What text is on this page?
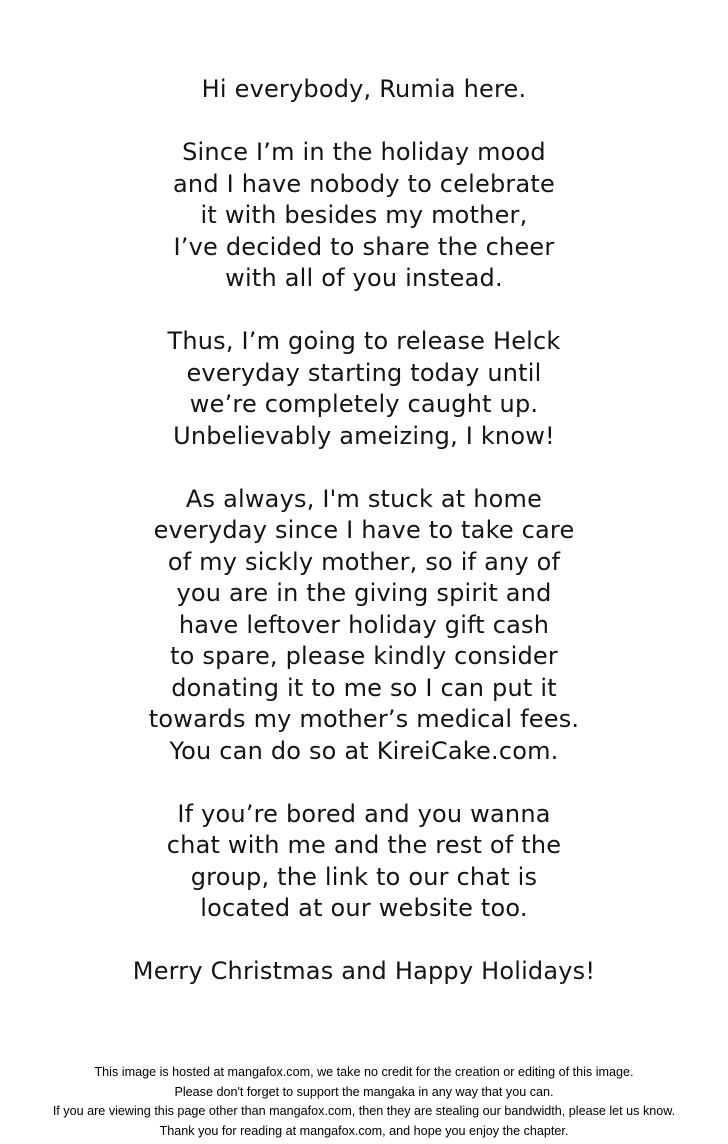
Hi everybody, Rumia here.
Since I’m in the holiday mood
and I have nobody to celebrate
it with besides my mother,
I’ve decided to share the cheer
with all of you instead.
Thus, I’m going to release Helck
everyday starting today until
we’re completely caught up.
Unbelievably ameizing, I know!
As always, I'm stuck at home
everyday since I have to take care
of my sickly mother, so if any of
you are in the giving spirit and
have leftover holiday gift cash
to spare, please kindly consider
donating it to me so I can put it
towards my mother’s medical fees.
You can do so at KireiCake.com.
If you’re bored and you wanna
chat with me and the rest of the
group, the link to our chat is
located at our website too.
Merry Christmas and Happy Holidays!
This image is hosted at mangafox.com, we take no credit for the creation or editing of this image.
Please don't forget to support the mangaka in any way that you can.
If you are viewing this page other than mangafox.com, then they are stealing our bandwidth, please let us know.
Thank you for reading at mangafox.com, and hope you enjoy the chapter.
